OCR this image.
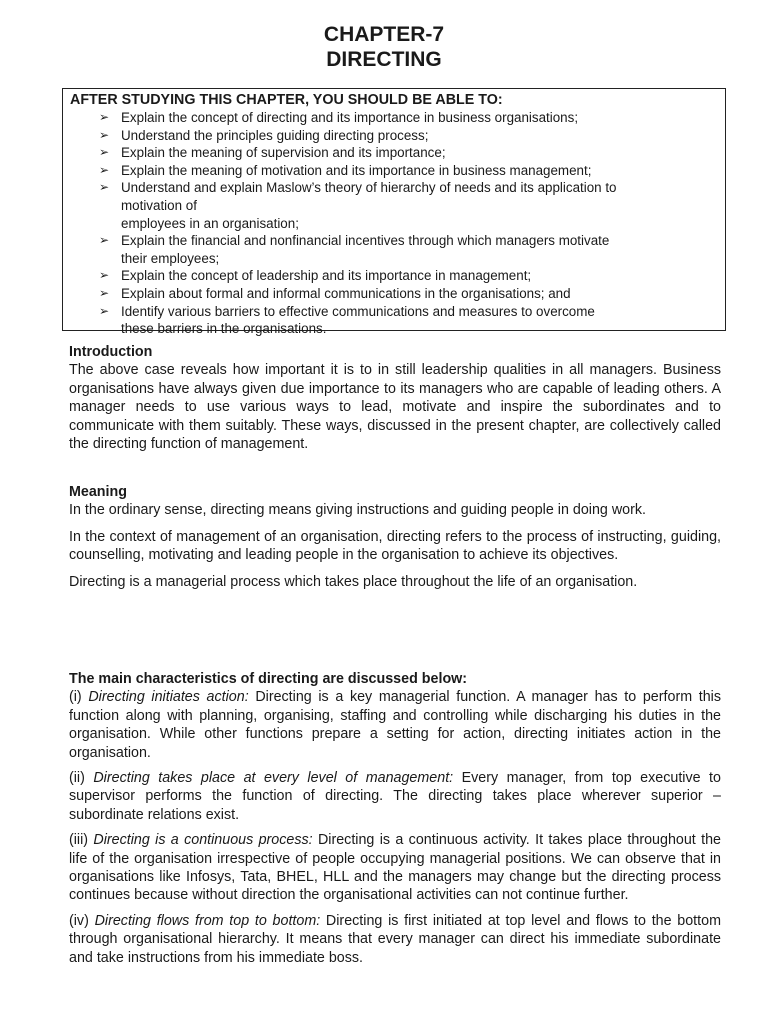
CHAPTER-7
DIRECTING
AFTER STUDYING THIS CHAPTER, YOU SHOULD BE ABLE TO:
➢ Explain the concept of directing and its importance in business organisations;
➢ Understand the principles guiding directing process;
➢ Explain the meaning of supervision and its importance;
➢ Explain the meaning of motivation and its importance in business management;
➢ Understand and explain Maslow’s theory of hierarchy of needs and its application to
motivation of
employees in an organisation;
➢ Explain the financial and nonfinancial incentives through which managers motivate
their employees;
➢ Explain the concept of leadership and its importance in management;
➢ Explain about formal and informal communications in the organisations; and
➢ Identify various barriers to effective communications and measures to overcome
these barriers in the organisations.

Introduction

The above case reveals how important it is to in still leadership qualities in all managers. Business organisations have always given due importance to its managers who are capable of leading others. A manager needs to use various ways to lead, motivate and inspire the subordinates and to communicate with them suitably. These ways, discussed in the present chapter, are collectively called the directing function of management.

Meaning

In the ordinary sense, directing means giving instructions and guiding people in doing work.

In the context of management of an organisation, directing refers to the process of instructing, guiding, counselling, motivating and leading people in the organisation to achieve its objectives.

Directing is a managerial process which takes place throughout the life of an organisation.

The main characteristics of directing are discussed below:

(i) Directing initiates action: Directing is a key managerial function. A manager has to perform this function along with planning, organising, staffing and controlling while discharging his duties in the organisation. While other functions prepare a setting for action, directing initiates action in the organisation.

(ii) Directing takes place at every level of management: Every manager, from top executive to supervisor performs the function of directing. The directing takes place wherever superior – subordinate relations exist.

(iii) Directing is a continuous process: Directing is a continuous activity. It takes place throughout the life of the organisation irrespective of people occupying managerial positions. We can observe that in organisations like Infosys, Tata, BHEL, HLL and the managers may change but the directing process continues because without direction the organisational activities can not continue further.

(iv) Directing flows from top to bottom: Directing is first initiated at top level and flows to the bottom through organisational hierarchy. It means that every manager can direct his immediate subordinate and take instructions from his immediate boss.
